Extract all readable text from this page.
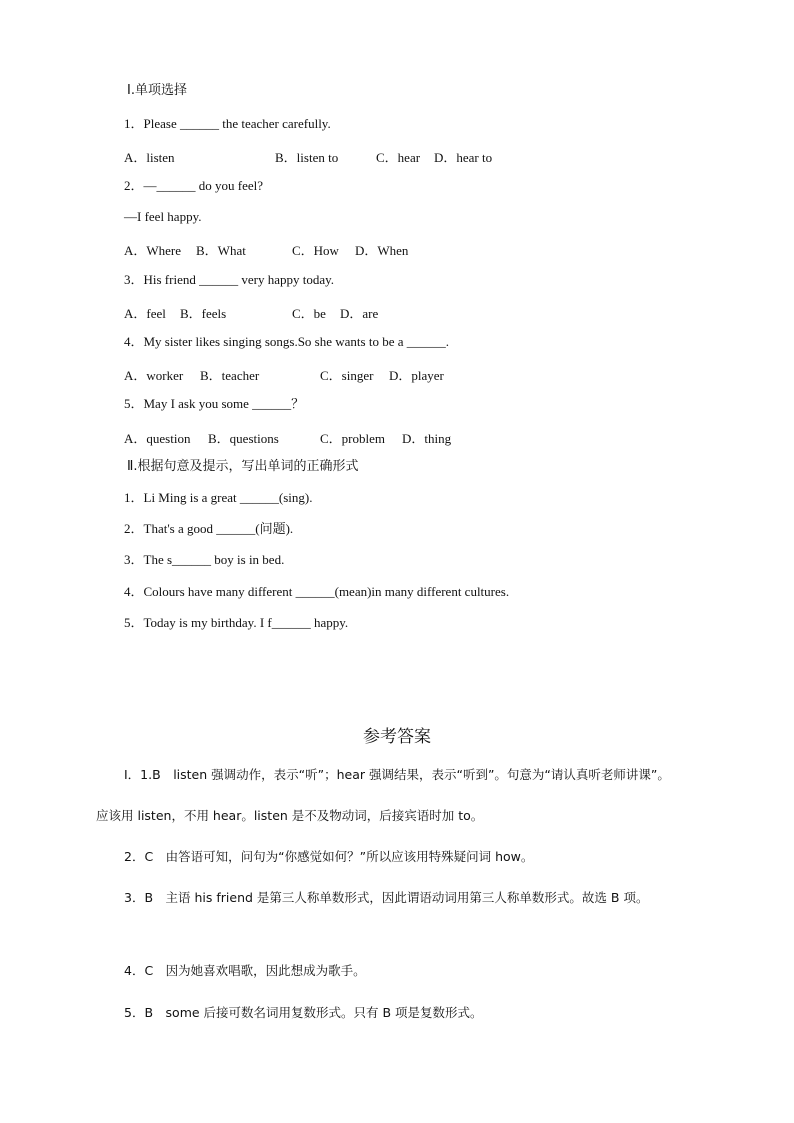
Ⅰ.单项选择
1．Please ______ the teacher carefully.
A．listen	B．listen to	C．hear D．hear to
2．—______ do you feel?
—I feel happy.
A．Where B．What	C．How D．When
3．His friend ______ very happy today.
A．feel B．feels	C．be D．are
4．My sister likes singing songs.So she wants to be a ______.
A．worker B．teacher	C．singer D．player
5．May I ask you some ______？
A．question B．questions	C．problem D．thing
Ⅱ.根据句意及提示，写出单词的正确形式
1．Li Ming is a great ______(sing).
2．That's a good ______(问题).
3．The s______ boy is in bed.
4．Colours have many different ______(mean)in many different cultures.
5．Today is my birthday. I f______ happy.
参考答案
I．1.B　listen 强调动作，表示“听”；hear 强调结果，表示“听到”。句意为“请认真听老师讲课”。
应该用 listen，不用 hear。listen 是不及物动词，后接宾语时加 to。
2．C　由答语可知，问句为“你感觉如何？”所以应该用特殊疑问词 how。
3．B　主语 his friend 是第三人称单数形式，因此谓语动词用第三人称单数形式。故选 B 项。
4．C　因为她喜欢唱歌，因此想成为歌手。
5．B　some 后接可数名词用复数形式。只有 B 项是复数形式。
